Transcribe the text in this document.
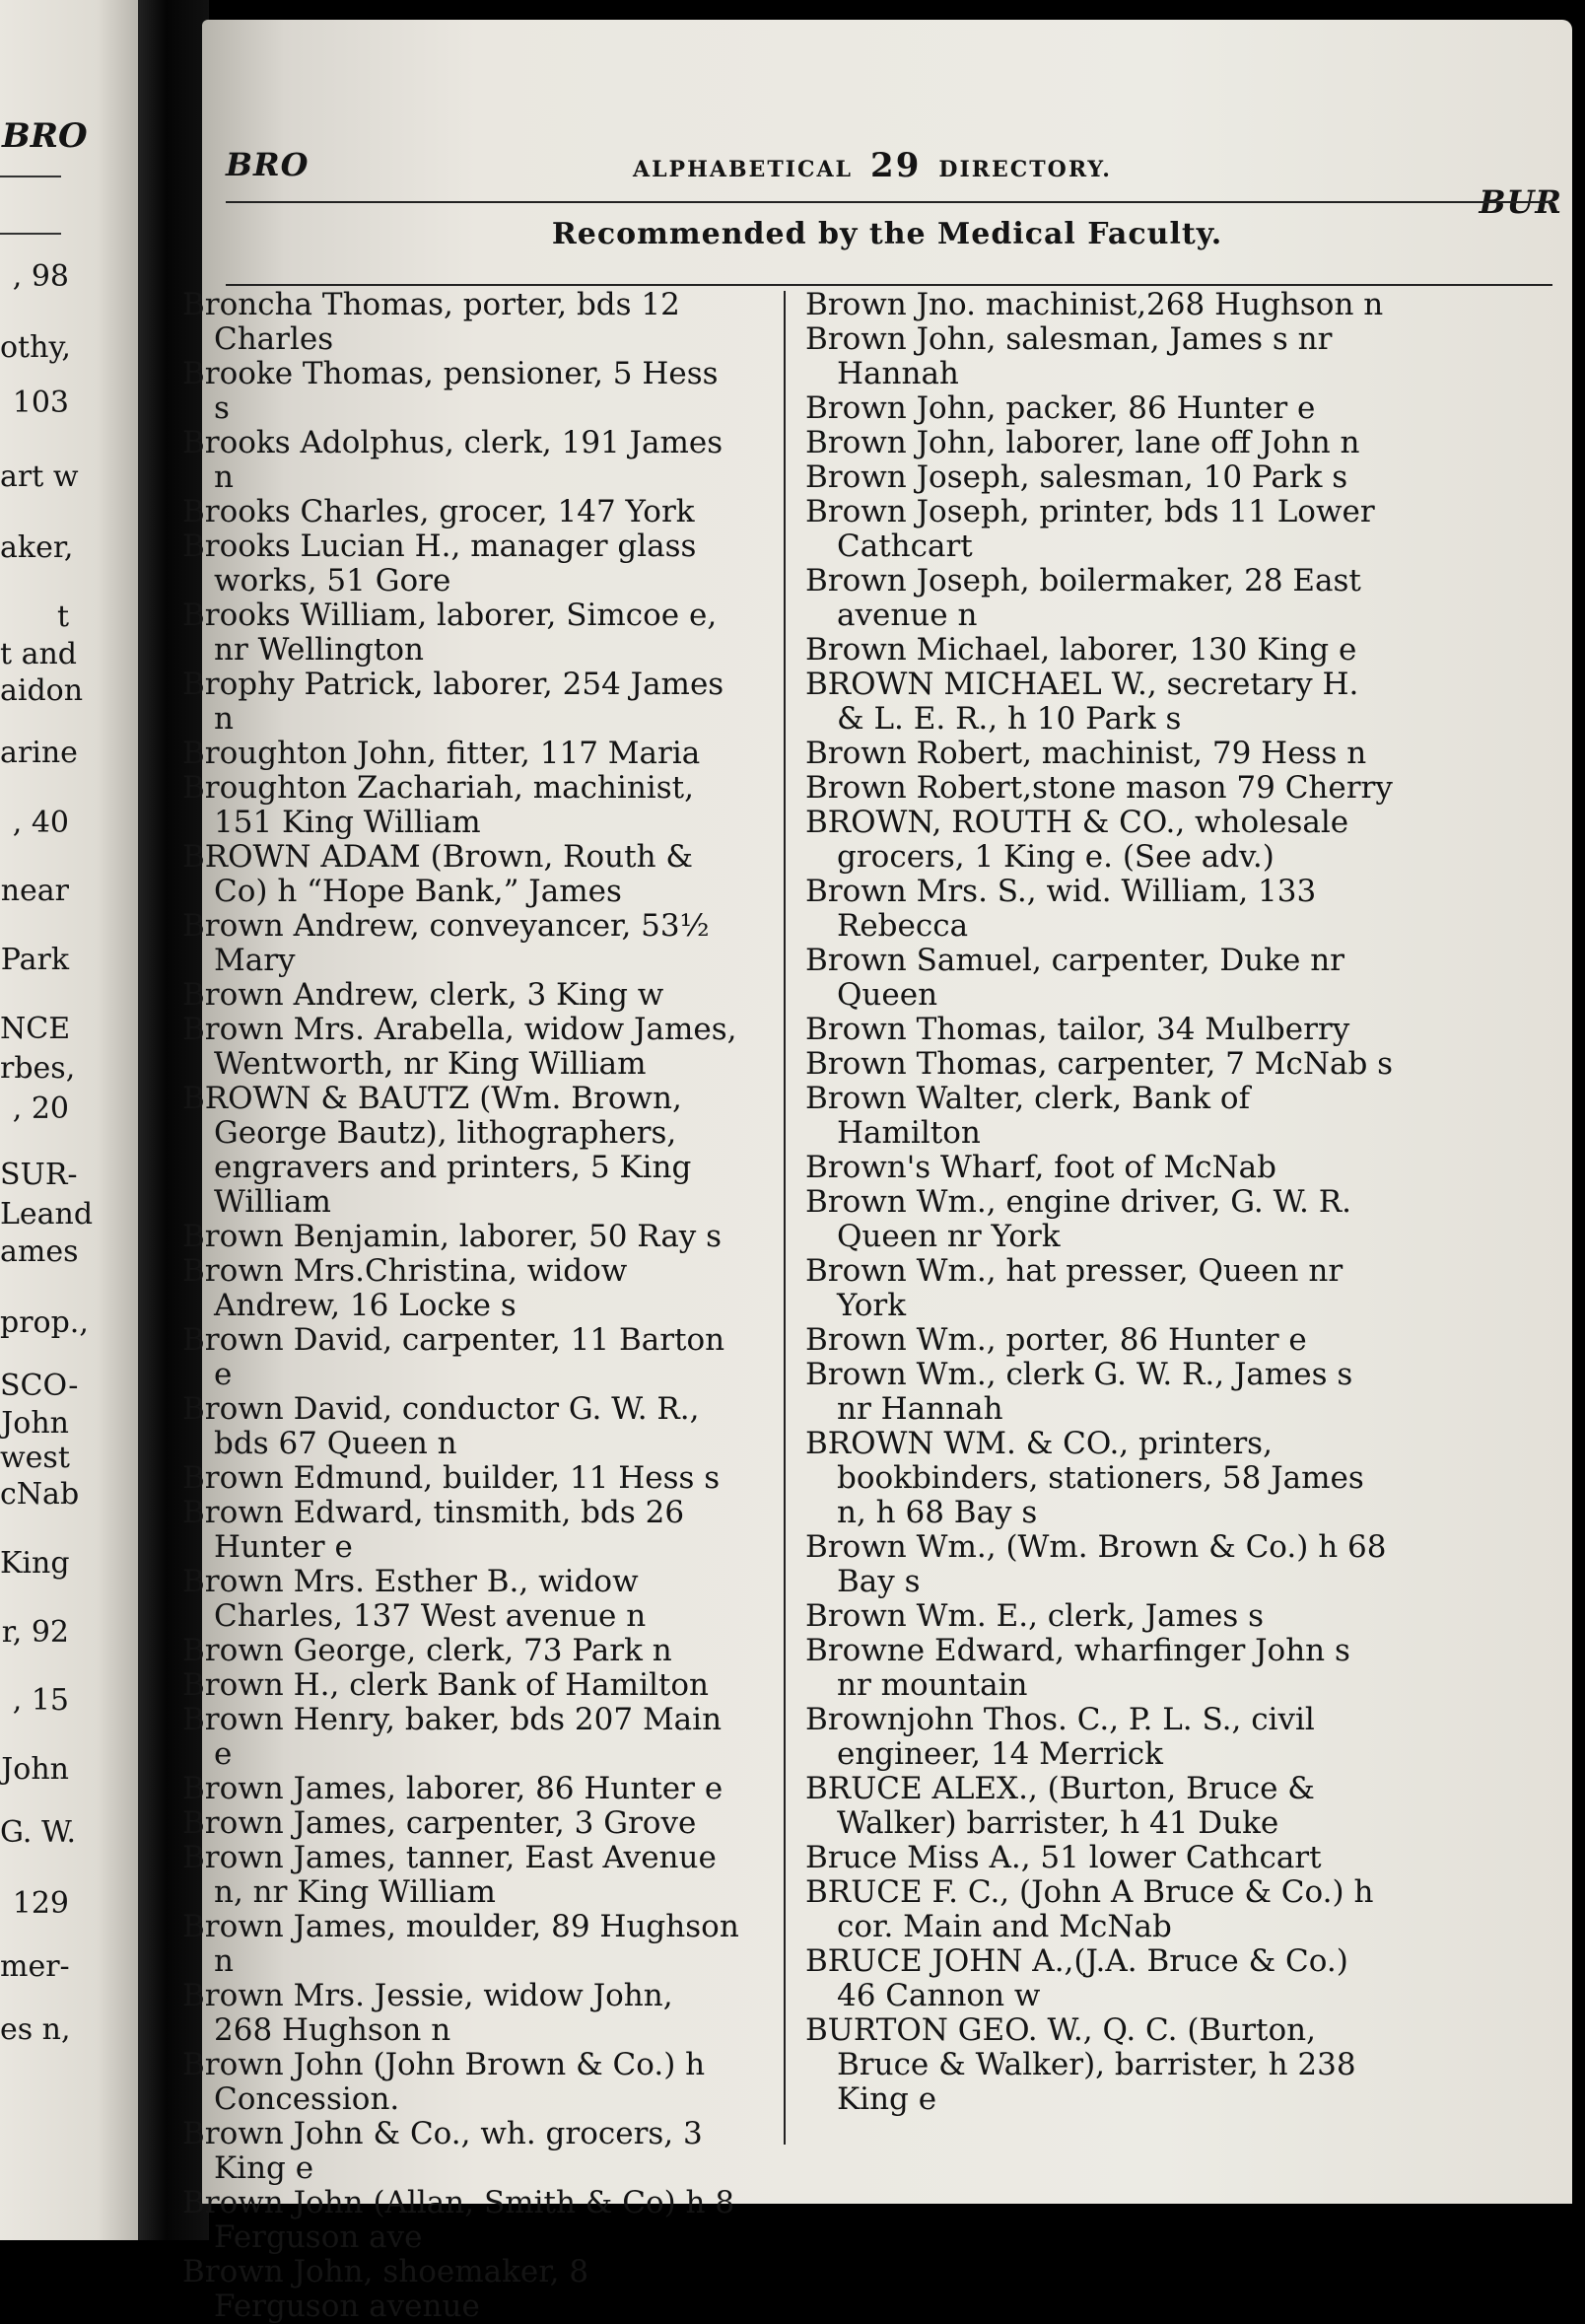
BRO
, 98
othy,
103
art w
aker,
t
t and
aidon
arine
, 40
near
Park
NCE
rbes,
, 20
SUR-
Leand
ames
prop.,
SCO-
John
west
cNab
King
r, 92
, 15
John
G. W.
129
mer-
es n,
BRO	ALPHABETICAL 29 DIRECTORY.
BUR
Recommended by the Medical Faculty.

Broncha Thomas, porter, bds 12 Charles

Brooke Thomas, pensioner, 5 Hess s

Brooks Adolphus, clerk, 191 James n

Brooks Charles, grocer, 147 York

Brooks Lucian H., manager glass works, 51 Gore

Brooks William, laborer, Simcoe e, nr Wellington

Brophy Patrick, laborer, 254 James n

Broughton John, fitter, 117 Maria

Broughton Zachariah, machinist, 151 King William

BROWN ADAM (Brown, Routh & Co) h “Hope Bank,” James

Brown Andrew, conveyancer, 53½ Mary

Brown Andrew, clerk, 3 King w

Brown Mrs. Arabella, widow James, Wentworth, nr King William

BROWN & BAUTZ (Wm. Brown, George Bautz), lithographers, engravers and printers, 5 King William

Brown Benjamin, laborer, 50 Ray s

Brown Mrs.Christina, widow Andrew, 16 Locke s

Brown David, carpenter, 11 Barton e

Brown David, conductor G. W. R., bds 67 Queen n

Brown Edmund, builder, 11 Hess s

Brown Edward, tinsmith, bds 26 Hunter e

Brown Mrs. Esther B., widow Charles, 137 West avenue n

Brown George, clerk, 73 Park n

Brown H., clerk Bank of Hamilton

Brown Henry, baker, bds 207 Main e

Brown James, laborer, 86 Hunter e

Brown James, carpenter, 3 Grove

Brown James, tanner, East Avenue n, nr King William

Brown James, moulder, 89 Hughson n

Brown Mrs. Jessie, widow John, 268 Hughson n

Brown John (John Brown & Co.) h Concession.

Brown John & Co., wh. grocers, 3 King e

Brown John (Allan, Smith & Co) h 8 Ferguson ave

Brown John, shoemaker, 8 Ferguson avenue

Brown Jno. machinist,268 Hughson n

Brown John, salesman, James s nr Hannah

Brown John, packer, 86 Hunter e

Brown John, laborer, lane off John n

Brown Joseph, salesman, 10 Park s

Brown Joseph, printer, bds 11 Lower Cathcart

Brown Joseph, boilermaker, 28 East avenue n

Brown Michael, laborer, 130 King e

BROWN MICHAEL W., secretary H. & L. E. R., h 10 Park s

Brown Robert, machinist, 79 Hess n

Brown Robert,stone mason 79 Cherry

BROWN, ROUTH & CO., wholesale grocers, 1 King e. (See adv.)

Brown Mrs. S., wid. William, 133 Rebecca

Brown Samuel, carpenter, Duke nr Queen

Brown Thomas, tailor, 34 Mulberry

Brown Thomas, carpenter, 7 McNab s

Brown Walter, clerk, Bank of Hamilton

Brown's Wharf, foot of McNab

Brown Wm., engine driver, G. W. R. Queen nr York

Brown Wm., hat presser, Queen nr York

Brown Wm., porter, 86 Hunter e

Brown Wm., clerk G. W. R., James s nr Hannah

BROWN WM. & CO., printers, bookbinders, stationers, 58 James n, h 68 Bay s

Brown Wm., (Wm. Brown & Co.) h 68 Bay s

Brown Wm. E., clerk, James s

Browne Edward, wharfinger John s nr mountain

Brownjohn Thos. C., P. L. S., civil engineer, 14 Merrick

BRUCE ALEX., (Burton, Bruce & Walker) barrister, h 41 Duke

Bruce Miss A., 51 lower Cathcart

BRUCE F. C., (John A Bruce & Co.) h cor. Main and McNab

BRUCE JOHN A.,(J.A. Bruce & Co.) 46 Cannon w

BURTON GEO. W., Q. C. (Burton, Bruce & Walker), barrister, h 238 King e
